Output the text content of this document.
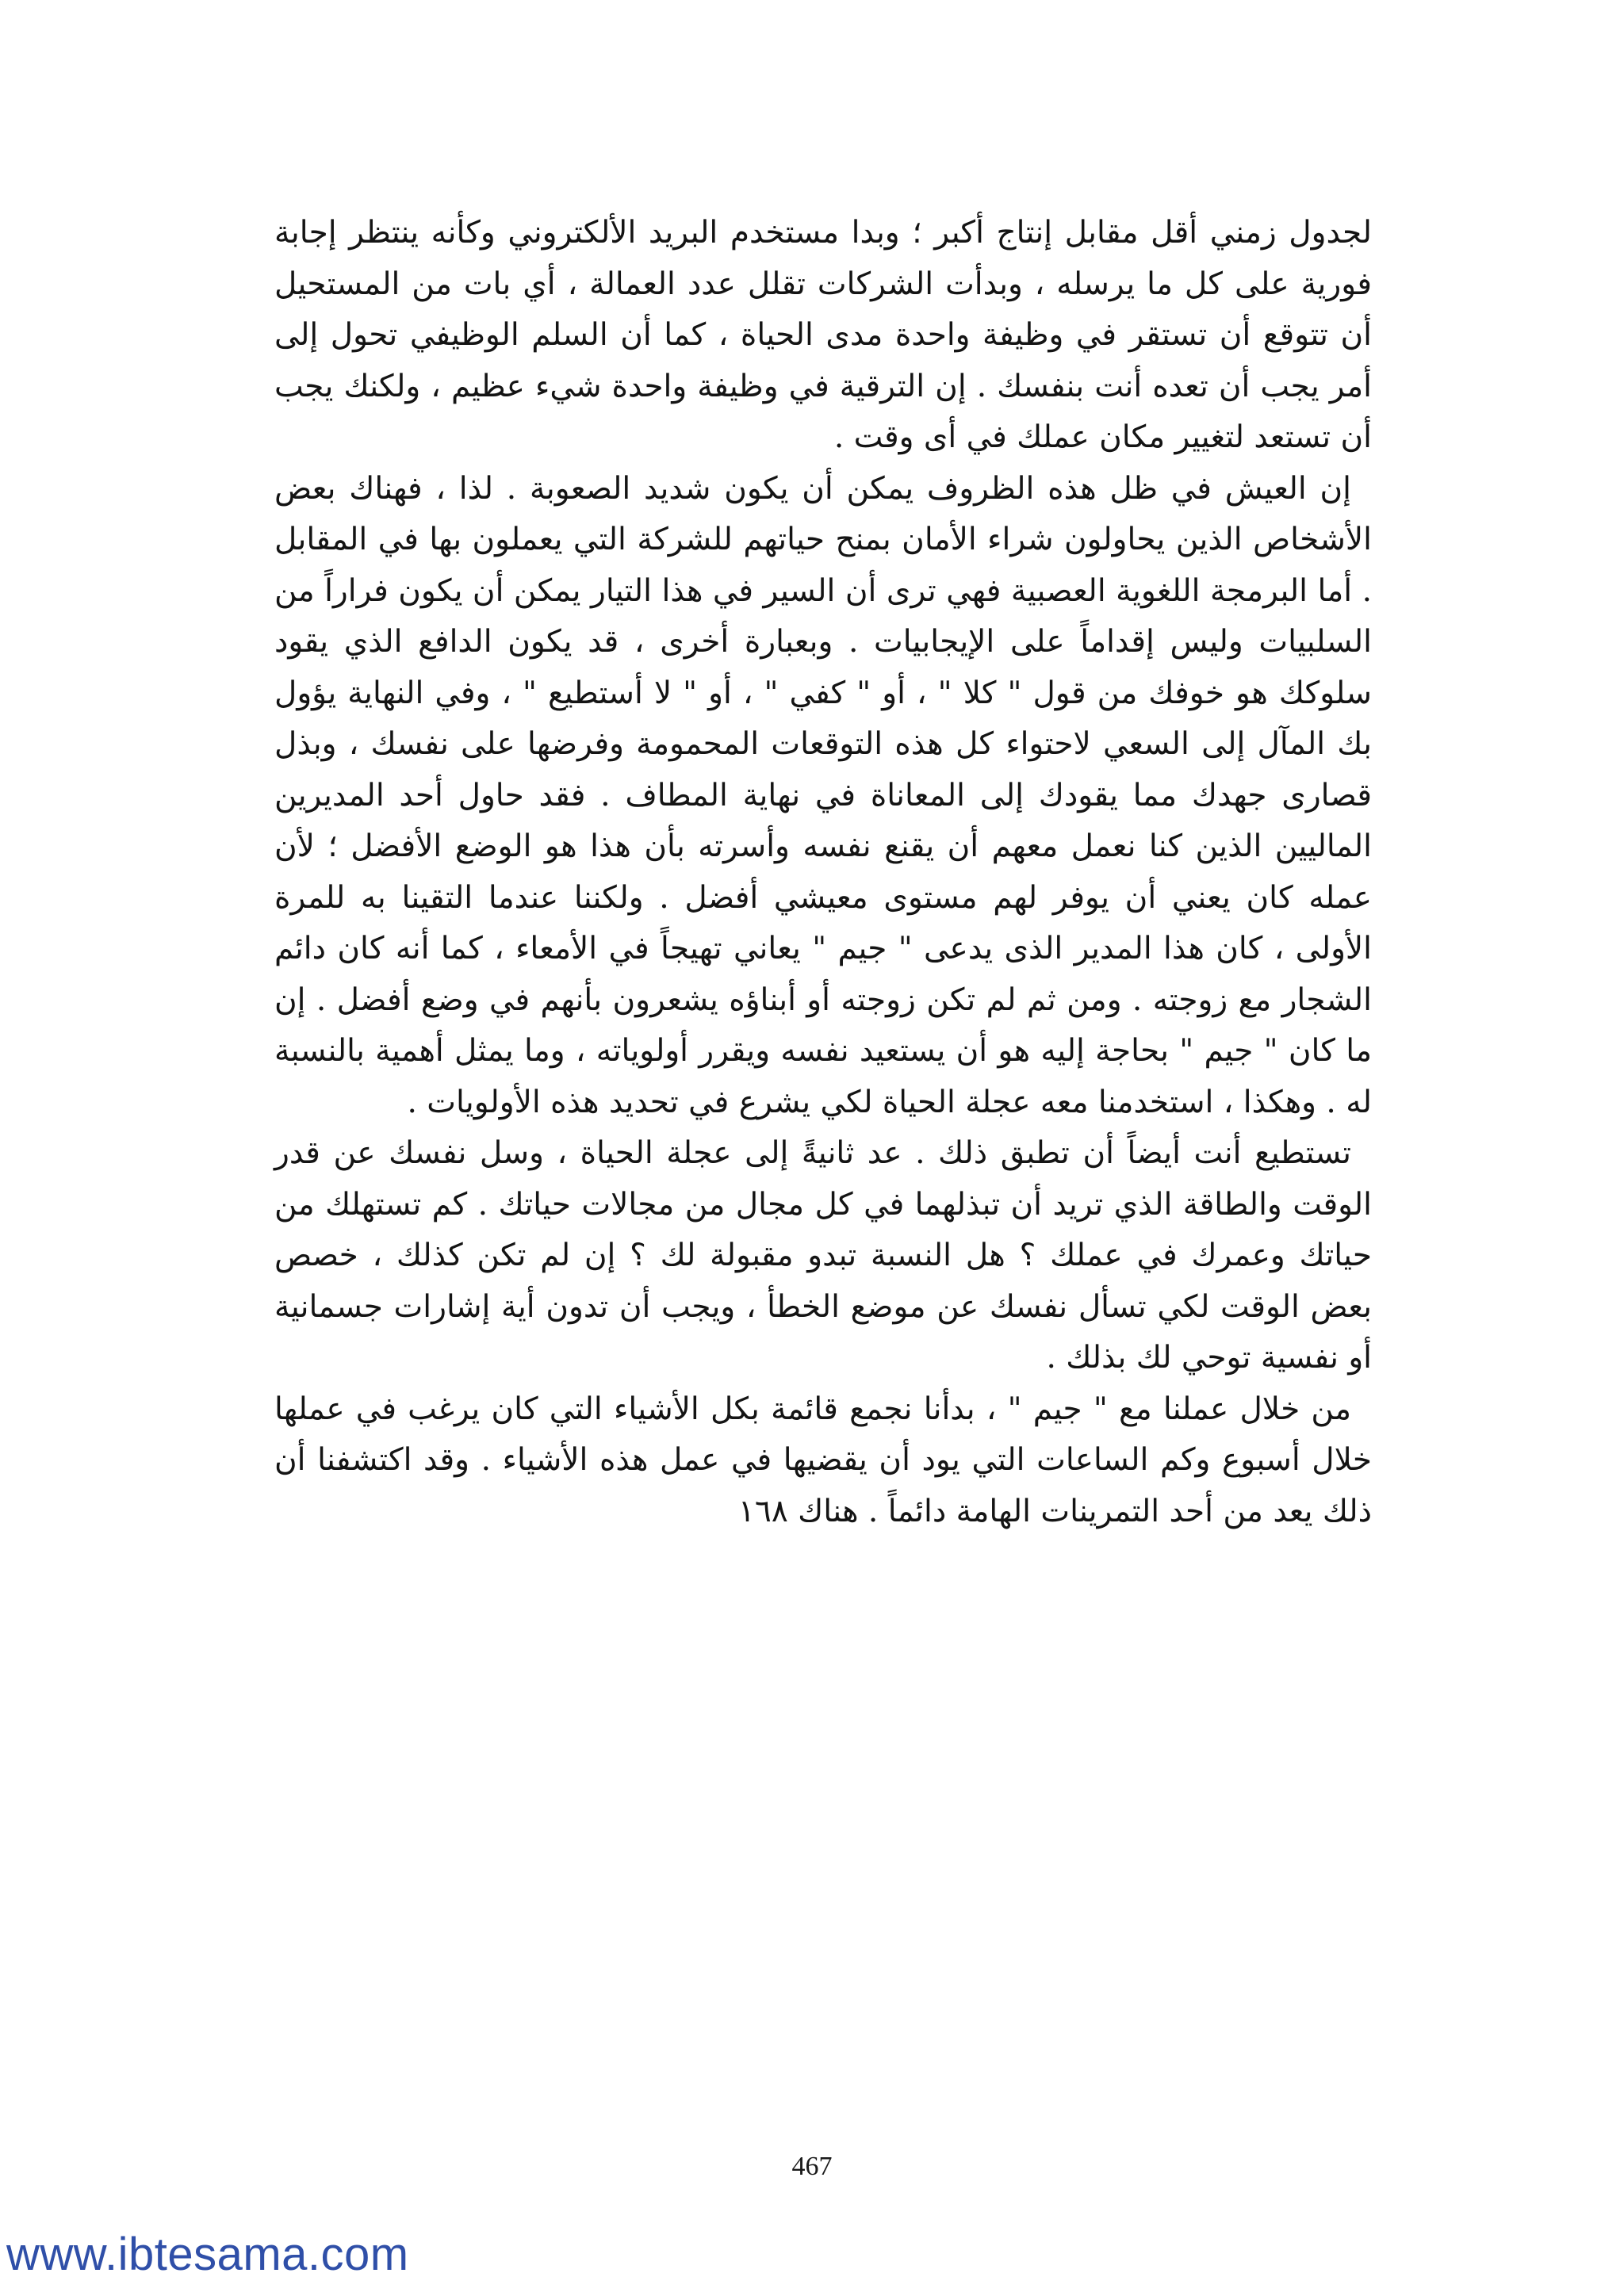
لجدول زمني أقل مقابل إنتاج أكبر ؛ وبدا مستخدم البريد الألكتروني وكأنه ينتظر إجابة فورية على كل ما يرسله ، وبدأت الشركات تقلل عدد العمالة ، أي بات من المستحيل أن تتوقع أن تستقر في وظيفة واحدة مدى الحياة ، كما أن السلم الوظيفي تحول إلى أمر يجب أن تعده أنت بنفسك . إن الترقية في وظيفة واحدة شيء عظيم ، ولكنك يجب أن تستعد لتغيير مكان عملك في أى وقت .

إن العيش في ظل هذه الظروف يمكن أن يكون شديد الصعوبة . لذا ، فهناك بعض الأشخاص الذين يحاولون شراء الأمان بمنح حياتهم للشركة التي يعملون بها في المقابل . أما البرمجة اللغوية العصبية فهي ترى أن السير في هذا التيار يمكن أن يكون فراراً من السلبيات وليس إقداماً على الإيجابيات . وبعبارة أخرى ، قد يكون الدافع الذي يقود سلوكك هو خوفك من قول " كلا " ، أو " كفي " ، أو " لا أستطيع " ، وفي النهاية يؤول بك المآل إلى السعي لاحتواء كل هذه التوقعات المحمومة وفرضها على نفسك ، وبذل قصارى جهدك مما يقودك إلى المعاناة في نهاية المطاف . فقد حاول أحد المديرين الماليين الذين كنا نعمل معهم أن يقنع نفسه وأسرته بأن هذا هو الوضع الأفضل ؛ لأن عمله كان يعني أن يوفر لهم مستوى معيشي أفضل . ولكننا عندما التقينا به للمرة الأولى ، كان هذا المدير الذى يدعى " جيم " يعاني تهيجاً في الأمعاء ، كما أنه كان دائم الشجار مع زوجته . ومن ثم لم تكن زوجته أو أبناؤه يشعرون بأنهم في وضع أفضل . إن ما كان " جيم " بحاجة إليه هو أن يستعيد نفسه ويقرر أولوياته ، وما يمثل أهمية بالنسبة له . وهكذا ، استخدمنا معه عجلة الحياة لكي يشرع في تحديد هذه الأولويات .

تستطيع أنت أيضاً أن تطبق ذلك . عد ثانيةً إلى عجلة الحياة ، وسل نفسك عن قدر الوقت والطاقة الذي تريد أن تبذلهما في كل مجال من مجالات حياتك . كم تستهلك من حياتك وعمرك في عملك ؟ هل النسبة تبدو مقبولة لك ؟ إن لم تكن كذلك ، خصص بعض الوقت لكي تسأل نفسك عن موضع الخطأ ، ويجب أن تدون أية إشارات جسمانية أو نفسية توحي لك بذلك .

من خلال عملنا مع " جيم " ، بدأنا نجمع قائمة بكل الأشياء التي كان يرغب في عملها خلال أسبوع وكم الساعات التي يود أن يقضيها في عمل هذه الأشياء . وقد اكتشفنا أن ذلك يعد من أحد التمرينات الهامة دائماً . هناك ١٦٨

467
www.ibtesama.com
